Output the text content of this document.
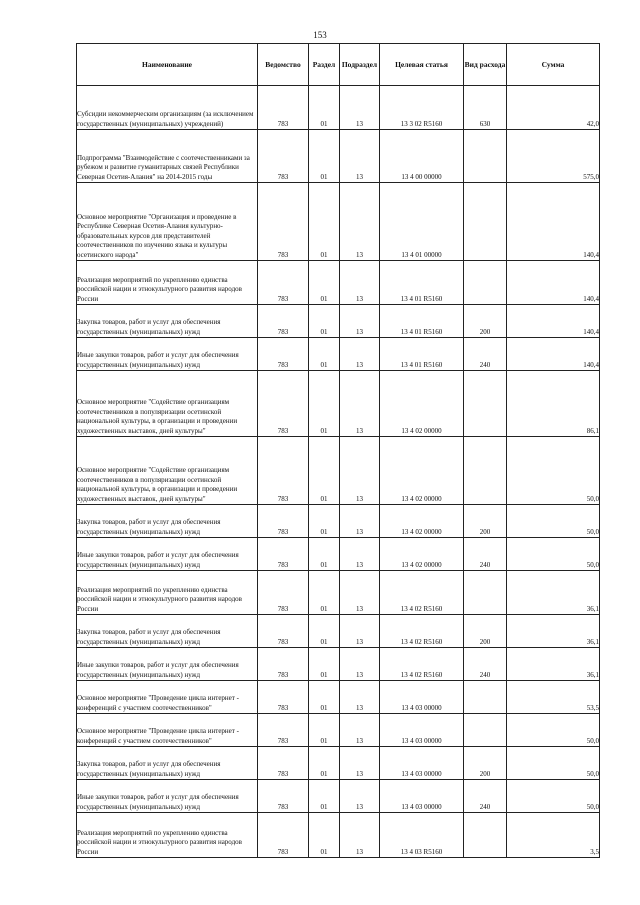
153
Наименование	Ведомство	Раздел	Подраздел	Целевая статья	Вид расхода	Сумма
Субсидии некоммерческим организациям (за исключением государственных (муниципальных) учреждений)	783	01	13	13 3 02 R5160	630	42,0
Подпрограмма "Взаимодействие с соотечественниками за рубежом и развитие гуманитарных связей Республики Северная Осетия-Алания" на 2014-2015 годы	783	01	13	13 4 00 00000		575,0
Основное мероприятие "Организация и проведение в Республике Северная Осетия-Алания культурно-образовательных курсов для представителей соотечественников по изучению языка и культуры осетинского народа"	783	01	13	13 4 01 00000		140,4
Реализация мероприятий по укреплению единства российской нации и этнокультурного развития народов России	783	01	13	13 4 01 R5160		140,4
Закупка товаров, работ и услуг для обеспечения государственных (муниципальных) нужд	783	01	13	13 4 01 R5160	200	140,4
Иные закупки товаров, работ и услуг для обеспечения государственных (муниципальных) нужд	783	01	13	13 4 01 R5160	240	140,4
Основное мероприятие "Содействие организациям соотечественников в популяризации осетинской национальной культуры, в организации и проведении художественных выставок, дней культуры"	783	01	13	13 4 02 00000		86,1
Основное мероприятие "Содействие организациям соотечественников в популяризации осетинской национальной культуры, в организации и проведении художественных выставок, дней культуры"	783	01	13	13 4 02 00000		50,0
Закупка товаров, работ и услуг для обеспечения государственных (муниципальных) нужд	783	01	13	13 4 02 00000	200	50,0
Иные закупки товаров, работ и услуг для обеспечения государственных (муниципальных) нужд	783	01	13	13 4 02 00000	240	50,0
Реализация мероприятий по укреплению единства российской нации и этнокультурного развития народов России	783	01	13	13 4 02 R5160		36,1
Закупка товаров, работ и услуг для обеспечения государственных (муниципальных) нужд	783	01	13	13 4 02 R5160	200	36,1
Иные закупки товаров, работ и услуг для обеспечения государственных (муниципальных) нужд	783	01	13	13 4 02 R5160	240	36,1
Основное мероприятие "Проведение цикла интернет - конференций с участием соотечественников"	783	01	13	13 4 03 00000		53,5
Основное мероприятие "Проведение цикла интернет - конференций с участием соотечественников"	783	01	13	13 4 03 00000		50,0
Закупка товаров, работ и услуг для обеспечения государственных (муниципальных) нужд	783	01	13	13 4 03 00000	200	50,0
Иные закупки товаров, работ и услуг для обеспечения государственных (муниципальных) нужд	783	01	13	13 4 03 00000	240	50,0
Реализация мероприятий по укреплению единства российской нации и этнокультурного развития народов России	783	01	13	13 4 03 R5160		3,5
